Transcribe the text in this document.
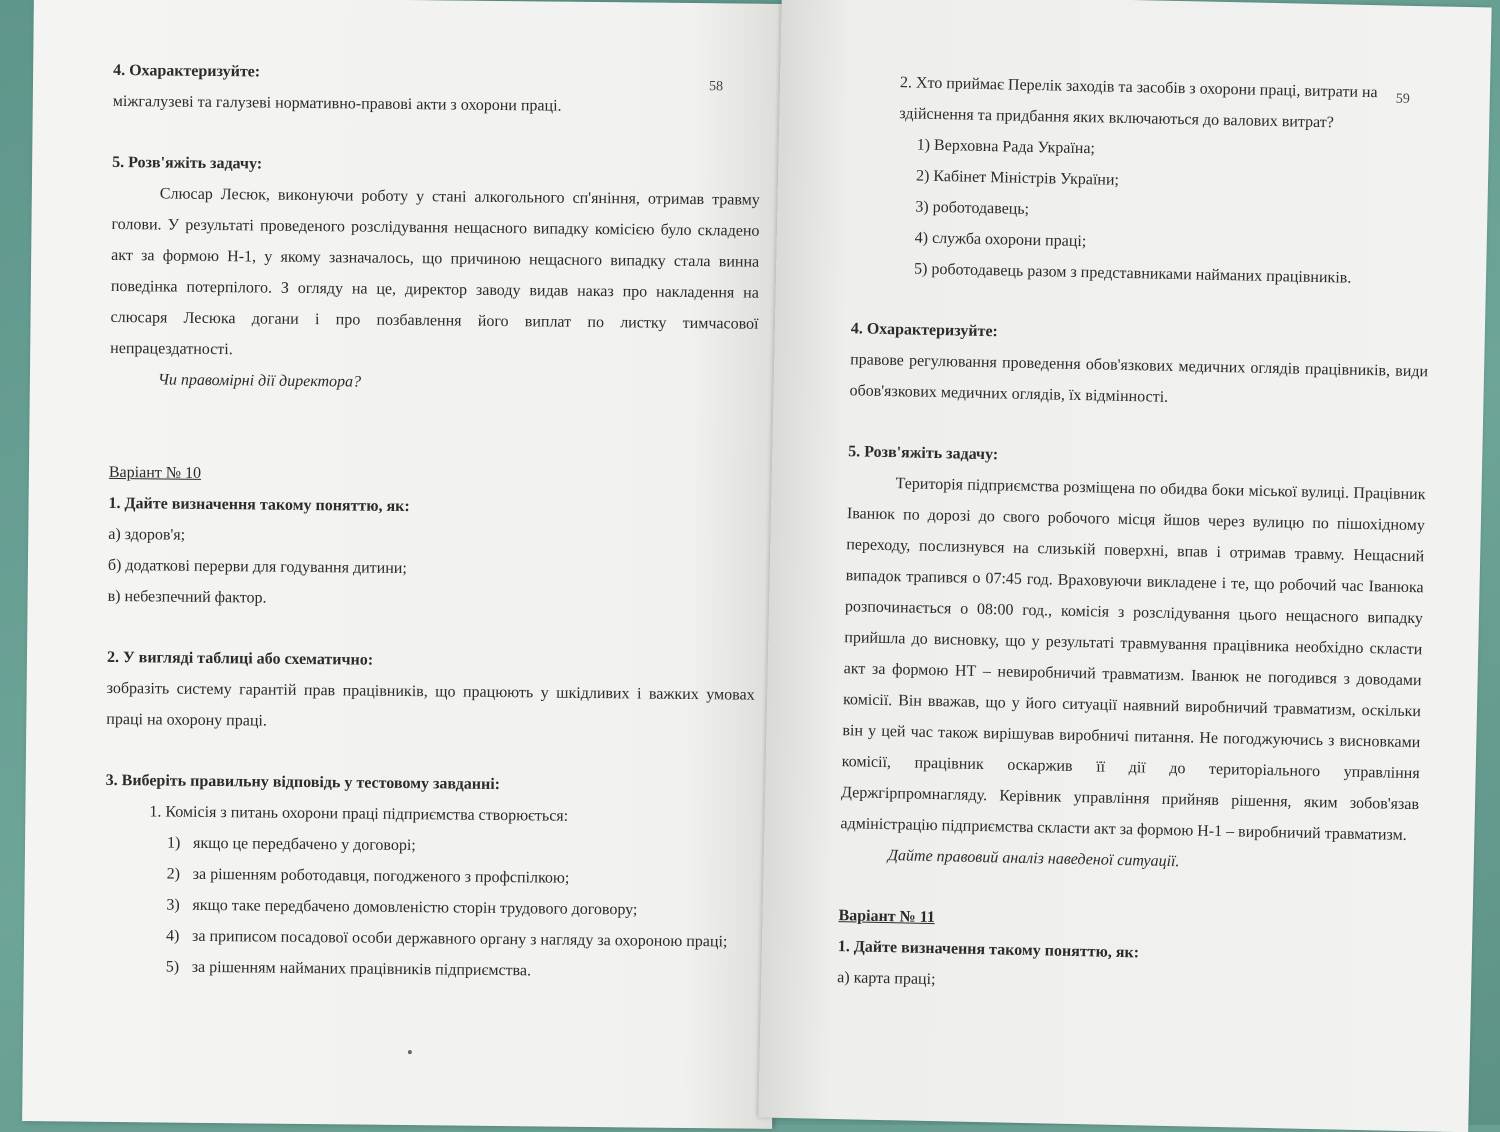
58

4. Охарактеризуйте:

міжгалузеві та галузеві нормативно-правові акти з охорони праці.

5. Розв'яжіть задачу:

Слюсар Лесюк, виконуючи роботу у стані алкогольного сп'яніння, отримав травму голови. У результаті проведеного розслідування нещасного випадку комісією було складено акт за формою Н-1, у якому зазначалось, що причиною нещасного випадку стала винна поведінка потерпілого. З огляду на це, директор заводу видав наказ про накладення на слюсаря Лесюка догани і про позбавлення його виплат по листку тимчасової непрацездатності.

Чи правомірні дії директора?

Варіант № 10

1. Дайте визначення такому поняттю, як:

а) здоров'я;

б) додаткові перерви для годування дитини;

в) небезпечний фактор.

2. У вигляді таблиці або схематично:

зобразіть систему гарантій прав працівників, що працюють у шкідливих і важких умовах праці на охорону праці.

3. Виберіть правильну відповідь у тестовому завданні:

1. Комісія з питань охорони праці підприємства створюється:

1) якщо це передбачено у договорі;
2) за рішенням роботодавця, погодженого з профспілкою;
3) якщо таке передбачено домовленістю сторін трудового договору;
4) за приписом посадової особи державного органу з нагляду за охороною праці;
5) за рішенням найманих працівників підприємства.
59

2. Хто приймає Перелік заходів та засобів з охорони праці, витрати на здійснення та придбання яких включаються до валових витрат?

1) Верховна Рада Україна;

2) Кабінет Міністрів України;

3) роботодавець;

4) служба охорони праці;

5) роботодавець разом з представниками найманих працівників.

4. Охарактеризуйте:

правове регулювання проведення обов'язкових медичних оглядів працівників, види обов'язкових медичних оглядів, їх відмінності.

5. Розв'яжіть задачу:

Територія підприємства розміщена по обидва боки міської вулиці. Працівник Іванюк по дорозі до свого робочого місця йшов через вулицю по пішохідному переходу, послизнувся на слизькій поверхні, впав і отримав травму. Нещасний випадок трапився о 07:45 год. Враховуючи викладене і те, що робочий час Іванюка розпочинається о 08:00 год., комісія з розслідування цього нещасного випадку прийшла до висновку, що у результаті травмування працівника необхідно скласти акт за формою НТ – невиробничий травматизм. Іванюк не погодився з доводами комісії. Він вважав, що у його ситуації наявний виробничий травматизм, оскільки він у цей час також вирішував виробничі питання. Не погоджуючись з висновками комісії, працівник оскаржив її дії до територіального управління Держгірпромнагляду. Керівник управління прийняв рішення, яким зобов'язав адміністрацію підприємства скласти акт за формою Н-1 – виробничий травматизм.

Дайте правовий аналіз наведеної ситуації.

Варіант № 11

1. Дайте визначення такому поняттю, як:

а) карта праці;
